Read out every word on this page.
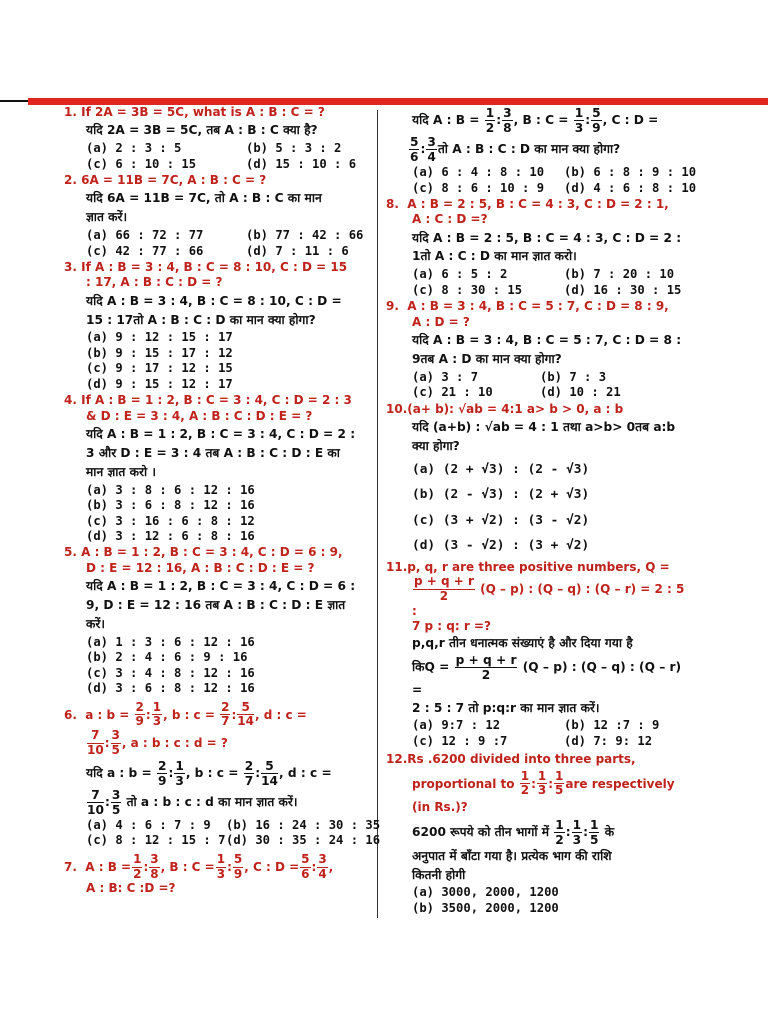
1. If 2A = 3B = 5C, what is A : B : C = ?
यदि 2A = 3B = 5C, तब A : B : C क्या है?
(a) 2 : 3 : 5	(b) 5 : 3 : 2
(c) 6 : 10 : 15	(d) 15 : 10 : 6
2. 6A = 11B = 7C, A : B : C = ?
यदि 6A = 11B = 7C, तो A : B : C का मान
ज्ञात करें।
(a) 66 : 72 : 77	(b) 77 : 42 : 66
(c) 42 : 77 : 66	(d) 7 : 11 : 6
3. If A : B = 3 : 4, B : C = 8 : 10, C : D = 15
: 17, A : B : C : D = ?
यदि A : B = 3 : 4, B : C = 8 : 10, C : D =
15 : 17तो A : B : C : D का मान क्या होगा?
(a) 9 : 12 : 15 : 17
(b) 9 : 15 : 17 : 12
(c) 9 : 17 : 12 : 15
(d) 9 : 15 : 12 : 17
4. If A : B = 1 : 2, B : C = 3 : 4, C : D = 2 : 3
& D : E = 3 : 4, A : B : C : D : E = ?
यदि A : B = 1 : 2, B : C = 3 : 4, C : D = 2 :
3 और D : E = 3 : 4 तब A : B : C : D : E का
मान ज्ञात करो ।
(a) 3 : 8 : 6 : 12 : 16
(b) 3 : 6 : 8 : 12 : 16
(c) 3 : 16 : 6 : 8 : 12
(d) 3 : 12 : 6 : 8 : 16
5. A : B = 1 : 2, B : C = 3 : 4, C : D = 6 : 9,
D : E = 12 : 16, A : B : C : D : E = ?
यदि A : B = 1 : 2, B : C = 3 : 4, C : D = 6 :
9, D : E = 12 : 16 तब A : B : C : D : E ज्ञात
करें।
(a) 1 : 3 : 6 : 12 : 16
(b) 2 : 4 : 6 : 9 : 16
(c) 3 : 4 : 8 : 12 : 16
(d) 3 : 6 : 8 : 12 : 16
6. a : $b = \frac{2}{9}$ : $\frac{1}{3}$ , b : $c = \frac{2}{7}$ : $\frac{5}{14}$ , d : c =
$\frac{7}{10}$ : $\frac{3}{5}$ , a : b : c : d = ?
यदि a : $b = \frac{2}{9}$ : $\frac{1}{3}$ , b : $c = \frac{2}{7}$ : $\frac{5}{14}$ , d : c =
$\frac{7}{10}$ : $\frac{3}{5}$ तो a : b : c : d का मान ज्ञात करें।
(a) 4 : 6 : 7 : 9	(b) 16 : 24 : 30 : 35
(c) 8 : 12 : 15 : 7 (d) 30 : 35 : 24 : 16
7. A : $B = \frac{1}{2}$ : $\frac{3}{8}$ , B : $C = \frac{1}{3}$ : $\frac{5}{9}$ , C : $D = \frac{5}{6}$ : $\frac{3}{4}$ ,
A : B: C :D =?
यदि A : $B = \frac{1}{2}$ : $\frac{3}{8}$ , B : $C = \frac{1}{3}$ : $\frac{5}{9}$ , C : D =
$\frac{5}{6}$ : $\frac{3}{4}$ तो A : B : C : D का मान क्या होगा?
(a) 6 : 4 : 8 : 10	(b) 6 : 8 : 9 : 10
(c) 8 : 6 : 10 : 9	(d) 4 : 6 : 8 : 10
8. A : B = 2 : 5, B : C = 4 : 3, C : D = 2 : 1,
A : C : D =?
यदि A : B = 2 : 5, B : C = 4 : 3, C : D = 2 :
1तो A : C : D का मान ज्ञात करो।
(a) 6 : 5 : 2	(b) 7 : 20 : 10
(c) 8 : 30 : 15	(d) 16 : 30 : 15
9. A : B = 3 : 4, B : C = 5 : 7, C : D = 8 : 9,
A : D = ?
यदि A : B = 3 : 4, B : C = 5 : 7, C : D = 8 :
9तब A : D का मान क्या होगा?
(a) 3 : 7	(b) 7 : 3
(c) 21 : 10	(d) 10 : 21
10.(a+ b): √ab = 4:1 a> b > 0, a : b
यदि (a+b) : √ab = 4 : 1 तथा a>b> 0तब a:b
क्या होगा?
(a) (2 + √3) : (2 - √3)
(b) (2 - √3) : (2 + √3)
(c) (3 + √2) : (3 - √2)
(d) (3 - √2) : (3 + √2)
11.p, q, r are three positive numbers, Q =
$\frac{p + q + r}{2} (Q - p)$ : (Q – q) : (Q – r) = 2 : 5 :
7 p : q: r =?
p,q,r तीन धनात्मक संख्याएं है और दिया गया है
किQ = $\frac{p + q + r}{2} (Q - p)$ : (Q – q) : (Q – r) =
2 : 5 : 7 तो p:q:r का मान ज्ञात करें।
(a) 9:7 : 12	(b) 12 :7 : 9
(c) 12 : 9 :7	(d) 7: 9: 12
12.Rs .6200 divided into three parts,
proportional to $\frac{1}{2}$ : $\frac{1}{3}$ : $\frac{1}{5}$ are respectively
(in Rs.)?
6200 रूपये को तीन भागों में $\frac{1}{2}$ : $\frac{1}{3}$ : $\frac{1}{5}$ के
अनुपात में बाँटा गया है। प्रत्येक भाग की राशि
कितनी होगी
(a) 3000, 2000, 1200
(b) 3500, 2000, 1200
